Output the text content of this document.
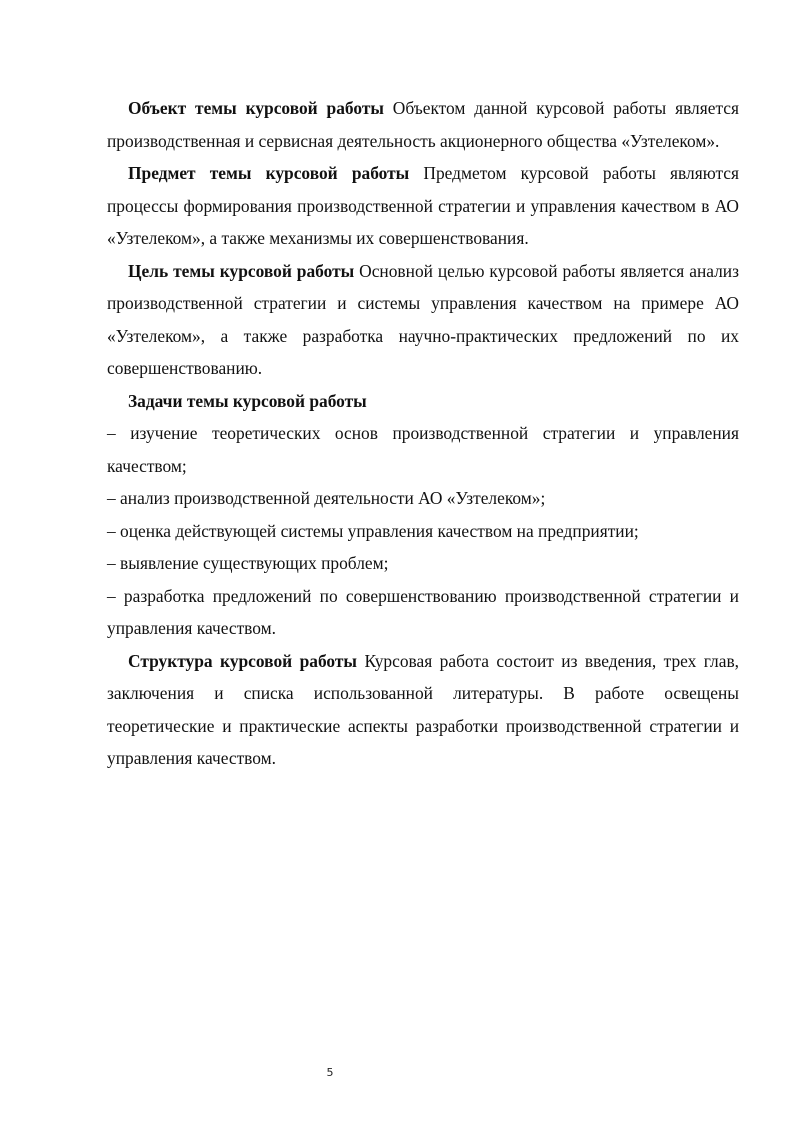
Объект темы курсовой работы Объектом данной курсовой работы является производственная и сервисная деятельность акционерного общества «Узтелеком».

Предмет темы курсовой работы Предметом курсовой работы являются процессы формирования производственной стратегии и управления качеством в АО «Узтелеком», а также механизмы их совершенствования.

Цель темы курсовой работы Основной целью курсовой работы является анализ производственной стратегии и системы управления качеством на примере АО «Узтелеком», а также разработка научно-практических предложений по их совершенствованию.

Задачи темы курсовой работы

– изучение теоретических основ производственной стратегии и управления качеством;

– анализ производственной деятельности АО «Узтелеком»;

– оценка действующей системы управления качеством на предприятии;

– выявление существующих проблем;

– разработка предложений по совершенствованию производственной стратегии и управления качеством.

Структура курсовой работы Курсовая работа состоит из введения, трех глав, заключения и списка использованной литературы. В работе освещены теоретические и практические аспекты разработки производственной стратегии и управления качеством.

5
